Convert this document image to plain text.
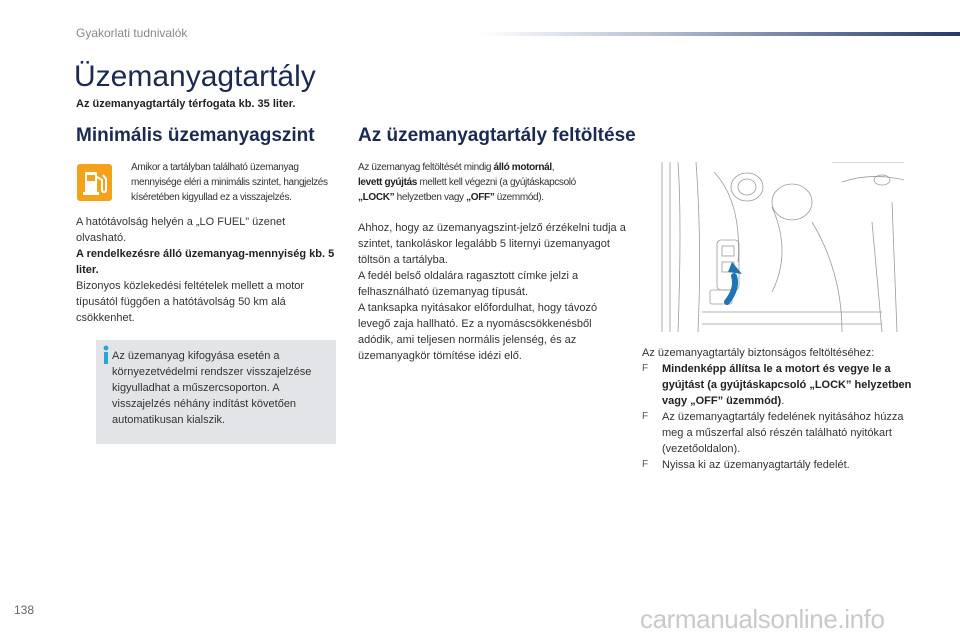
Gyakorlati tudnivalók
Üzemanyagtartály
Az üzemanyagtartály térfogata kb. 35 liter.
Minimális üzemanyagszint
Amikor a tartályban található üzemanyag mennyisége eléri a minimális szintet, hangjelzés kíséretében kigyullad ez a visszajelzés.
A hatótávolság helyén a „LO FUEL” üzenet olvasható.
A rendelkezésre álló üzemanyag-mennyiség kb. 5 liter.
Bizonyos közlekedési feltételek mellett a motor típusától függően a hatótávolság 50 km alá csökkenhet.
Az üzemanyag kifogyása esetén a környezetvédelmi rendszer visszajelzése kigyulladhat a műszercsoporton. A visszajelzés néhány indítást követően automatikusan kialszik.
Az üzemanyagtartály feltöltése
Az üzemanyag feltöltését mindig álló motornál,
levett gyújtás mellett kell végezni (a gyújtáskapcsoló
„LOCK” helyzetben vagy „OFF” üzemmód).
Ahhoz, hogy az üzemanyagszint-jelző érzékelni tudja a szintet, tankoláskor legalább 5 liternyi üzemanyagot töltsön a tartályba.
A fedél belső oldalára ragasztott címke jelzi a felhasználható üzemanyag típusát.
A tanksapka nyitásakor előfordulhat, hogy távozó levegő zaja hallható. Ez a nyomáscsökkenésből adódik, ami teljesen normális jelenség, és az üzemanyagkör tömítése idézi elő.	Az üzemanyagtartály biztonságos feltöltéséhez:
F Mindenképp állítsa le a motort és vegye le a gyújtást (a gyújtáskapcsoló „LOCK” helyzetben vagy „OFF” üzemmód).
F Az üzemanyagtartály fedelének nyitásához húzza meg a műszerfal alsó részén található nyitókart (vezetőoldalon).
F Nyissa ki az üzemanyagtartály fedelét.
138	carmanualsonline.info
